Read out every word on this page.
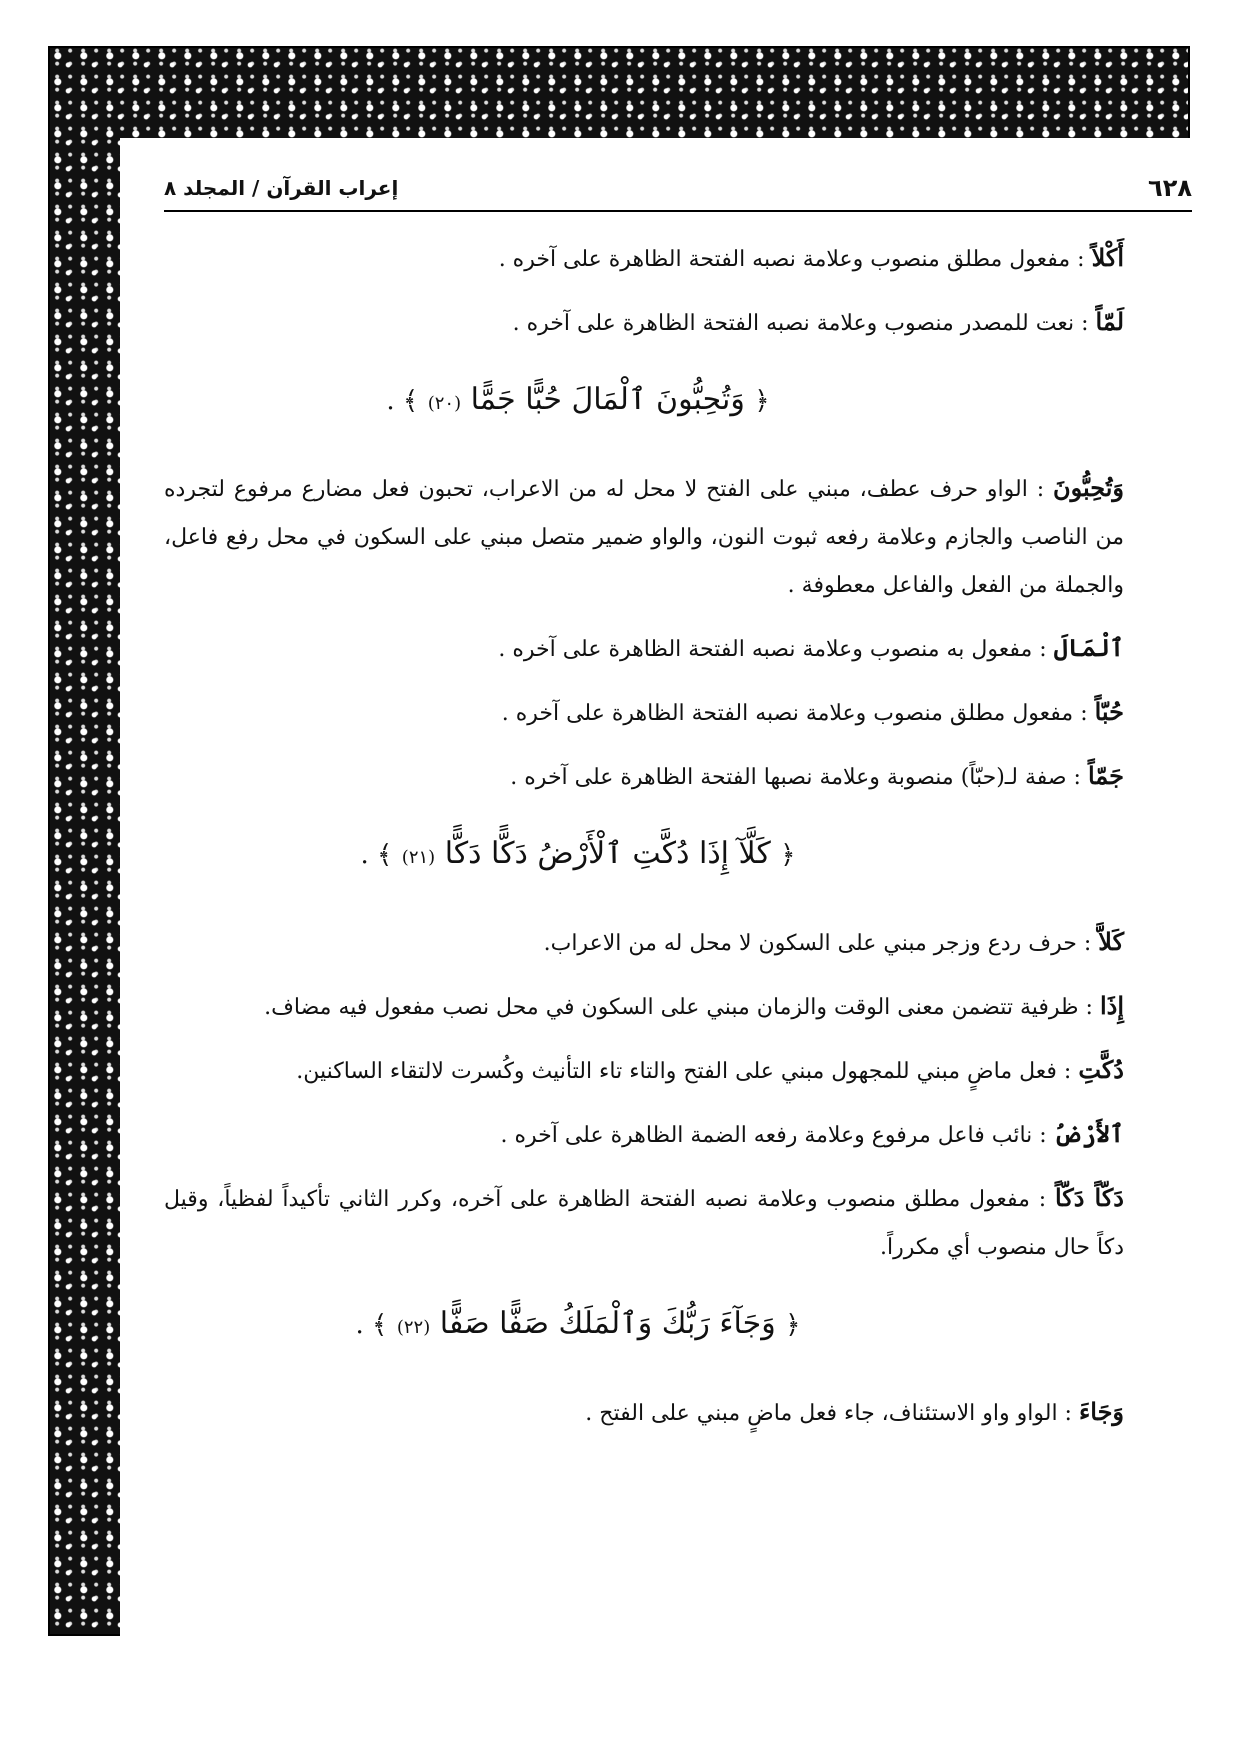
٦٢٨
إعراب القرآن / المجلد ٨

أَكْلاً : مفعول مطلق منصوب وعلامة نصبه الفتحة الظاهرة على آخره .

لَمّاً : نعت للمصدر منصوب وعلامة نصبه الفتحة الظاهرة على آخره .

﴿ وَتُحِبُّونَ ٱلْمَالَ حُبًّا جَمًّا (٢٠) ﴾ .

وَتُحِبُّونَ : الواو حرف عطف، مبني على الفتح لا محل له من الاعراب، تحبون فعل مضارع مرفوع لتجرده من الناصب والجازم وعلامة رفعه ثبوت النون، والواو ضمير متصل مبني على السكون في محل رفع فاعل، والجملة من الفعل والفاعل معطوفة .

ٱلْمَالَ : مفعول به منصوب وعلامة نصبه الفتحة الظاهرة على آخره .

حُبّاً : مفعول مطلق منصوب وعلامة نصبه الفتحة الظاهرة على آخره .

جَمّاً : صفة لـ(حبّاً) منصوبة وعلامة نصبها الفتحة الظاهرة على آخره .

﴿ كَلَّآ إِذَا دُكَّتِ ٱلْأَرْضُ دَكًّا دَكًّا (٢١) ﴾ .

كَلاَّ : حرف ردع وزجر مبني على السكون لا محل له من الاعراب.

إِذَا : ظرفية تتضمن معنى الوقت والزمان مبني على السكون في محل نصب مفعول فيه مضاف.

دُكَّتِ : فعل ماضٍ مبني للمجهول مبني على الفتح والتاء تاء التأنيث وكُسرت لالتقاء الساكنين.

ٱلأَرْضُ : نائب فاعل مرفوع وعلامة رفعه الضمة الظاهرة على آخره .

دَكّاً دَكّاً : مفعول مطلق منصوب وعلامة نصبه الفتحة الظاهرة على آخره، وكرر الثاني تأكيداً لفظياً، وقيل دكاً حال منصوب أي مكرراً.

﴿ وَجَآءَ رَبُّكَ وَٱلْمَلَكُ صَفًّا صَفًّا (٢٢) ﴾ .

وَجَاءَ : الواو واو الاستئناف، جاء فعل ماضٍ مبني على الفتح .
